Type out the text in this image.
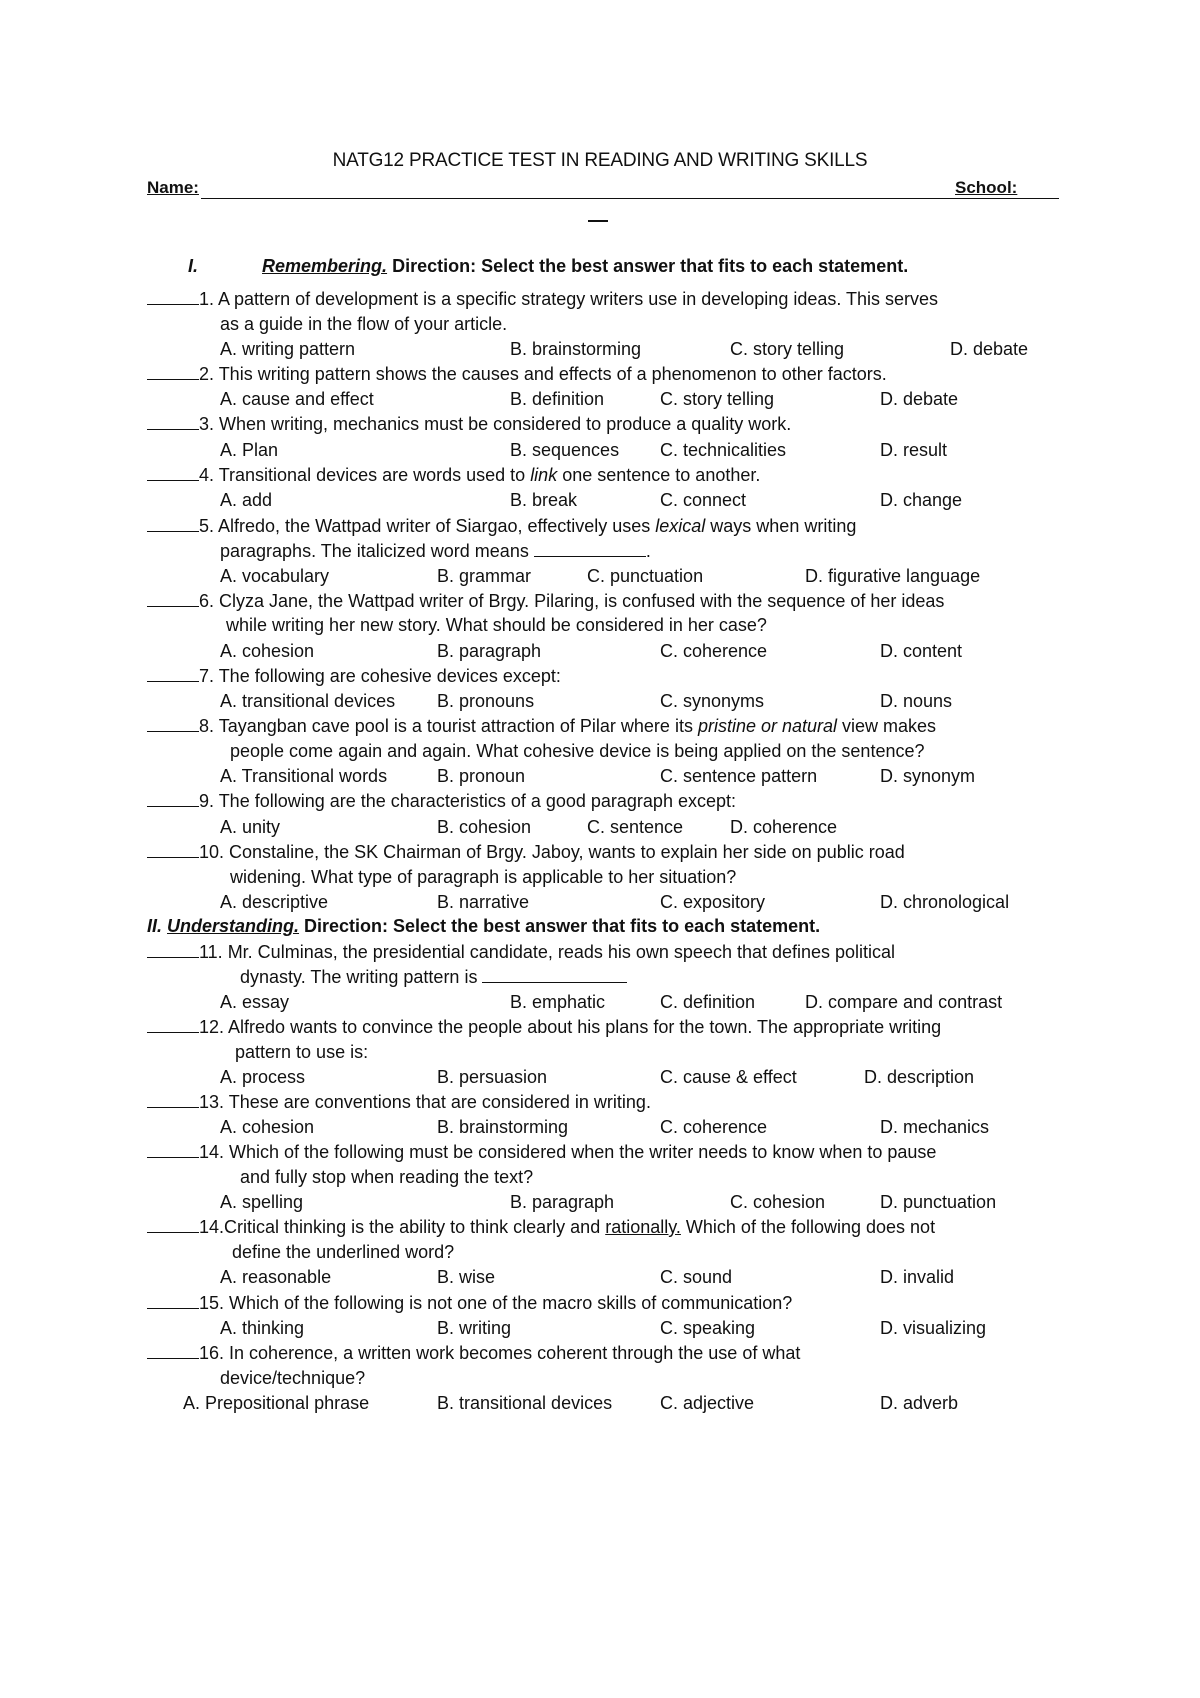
NATG12 PRACTICE TEST IN READING AND WRITING SKILLS
Name:	School:
I.	Remembering. Direction: Select the best answer that fits to each statement.
1. A pattern of development is a specific strategy writers use in developing ideas. This serves
as a guide in the flow of your article.
A. writing pattern	B. brainstorming	C. story telling	D. debate
2. This writing pattern shows the causes and effects of a phenomenon to other factors.
A. cause and effect	B. definition	C. story telling	D. debate
3. When writing, mechanics must be considered to produce a quality work.
A. Plan	B. sequences C. technicalities	D. result
4. Transitional devices are words used to link one sentence to another.
A. add	B. break	C. connect	D. change
5. Alfredo, the Wattpad writer of Siargao, effectively uses lexical ways when writing
paragraphs. The italicized word means	.
A. vocabulary	B. grammar	C. punctuation	D. figurative language
6. Clyza Jane, the Wattpad writer of Brgy. Pilaring, is confused with the sequence of her ideas
while writing her new story. What should be considered in her case?
A. cohesion	B. paragraph	C. coherence	D. content
7. The following are cohesive devices except:
A. transitional devices B. pronouns	C. synonyms	D. nouns
8. Tayangban cave pool is a tourist attraction of Pilar where its pristine or natural view makes
people come again and again. What cohesive device is being applied on the sentence?
A. Transitional words	B. pronoun	C. sentence pattern	D. synonym
9. The following are the characteristics of a good paragraph except:
A. unity	B. cohesion	C. sentence	D. coherence
10. Constaline, the SK Chairman of Brgy. Jaboy, wants to explain her side on public road
widening. What type of paragraph is applicable to her situation?
A. descriptive	B. narrative	C. expository	D. chronological
II. Understanding. Direction: Select the best answer that fits to each statement.
11. Mr. Culminas, the presidential candidate, reads his own speech that defines political
dynasty. The writing pattern is
A. essay	B. emphatic	C. definition	D. compare and contrast
12. Alfredo wants to convince the people about his plans for the town. The appropriate writing
pattern to use is:
A. process	B. persuasion	C. cause & effect	D. description
13. These are conventions that are considered in writing.
A. cohesion	B. brainstorming	C. coherence	D. mechanics
14. Which of the following must be considered when the writer needs to know when to pause
and fully stop when reading the text?
A. spelling	B. paragraph	C. cohesion	D. punctuation
14.Critical thinking is the ability to think clearly and rationally. Which of the following does not
define the underlined word?
A. reasonable	B. wise	C. sound	D. invalid
15. Which of the following is not one of the macro skills of communication?
A. thinking	B. writing	C. speaking	D. visualizing
16. In coherence, a written work becomes coherent through the use of what
device/technique?
A. Prepositional phrase	B. transitional devices	C. adjective	D. adverb
